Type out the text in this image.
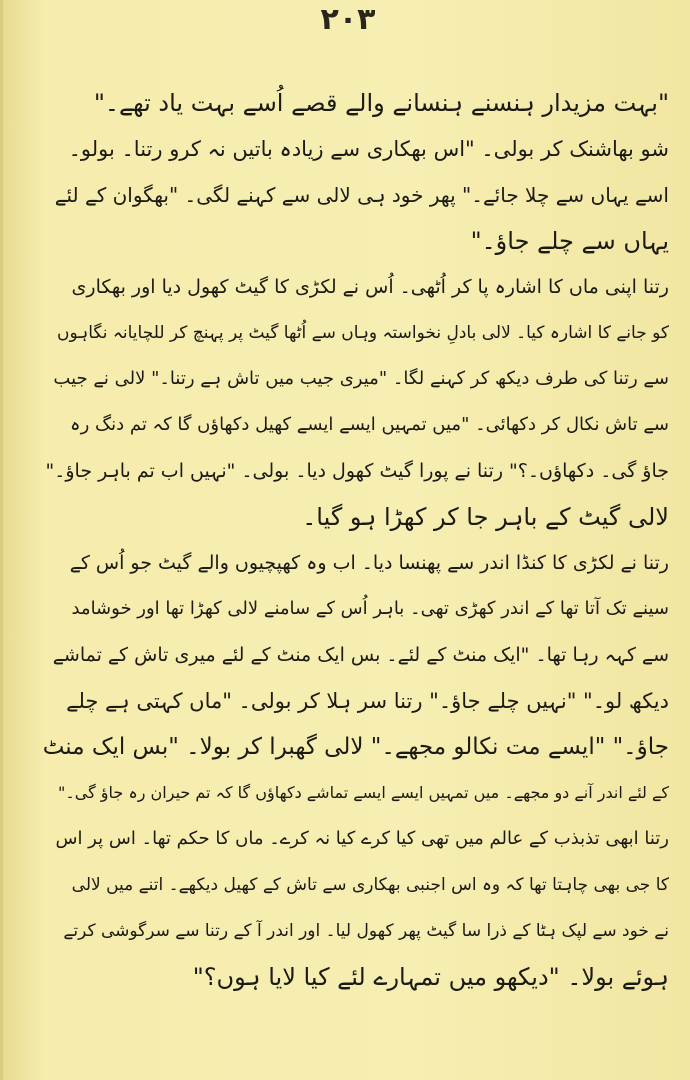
۲۰۳
"بہت مزیدار ہنسنے ہنسانے والے قصے اُسے بہت یاد تھے۔"
شو بھاشنک کر بولی۔ "اس بھکاری سے زیادہ باتیں نہ کرو رتنا۔ بولو۔
اسے یہاں سے چلا جائے۔" پھر خود ہی لالی سے کہنے لگی۔ "بھگوان کے لئے
یہاں سے چلے جاؤ۔"
رتنا اپنی ماں کا اشارہ پا کر اُٹھی۔ اُس نے لکڑی کا گیٹ کھول دیا اور بھکاری
کو جانے کا اشارہ کیا۔ لالی بادلِ نخواستہ وہاں سے اُٹھا گیٹ پر پہنچ کر للچایانہ نگاہوں
سے رتنا کی طرف دیکھ کر کہنے لگا۔ "میری جیب میں تاش ہے رتنا۔" لالی نے جیب
سے تاش نکال کر دکھائی۔ "میں تمہیں ایسے ایسے کھیل دکھاؤں گا کہ تم دنگ رہ
جاؤ گی۔ دکھاؤں۔؟" رتنا نے پورا گیٹ کھول دیا۔ بولی۔ "نہیں اب تم باہر جاؤ۔"
لالی گیٹ کے باہر جا کر کھڑا ہو گیا۔
رتنا نے لکڑی کا کنڈا اندر سے پھنسا دیا۔ اب وہ کھپچیوں والے گیٹ جو اُس کے
سینے تک آتا تھا کے اندر کھڑی تھی۔ باہر اُس کے سامنے لالی کھڑا تھا اور خوشامد
سے کہہ رہا تھا۔ "ایک منٹ کے لئے۔ بس ایک منٹ کے لئے میری تاش کے تماشے
دیکھ لو۔" "نہیں چلے جاؤ۔" رتنا سر ہلا کر بولی۔ "ماں کہتی ہے چلے
جاؤ۔" "ایسے مت نکالو مجھے۔" لالی گھبرا کر بولا۔ "بس ایک منٹ
کے لئے اندر آنے دو مجھے۔ میں تمہیں ایسے ایسے تماشے دکھاؤں گا کہ تم حیران رہ جاؤ گی۔"
رتنا ابھی تذبذب کے عالم میں تھی کیا کرے کیا نہ کرے۔ ماں کا حکم تھا۔ اس پر اس
کا جی بھی چاہتا تھا کہ وہ اس اجنبی بھکاری سے تاش کے کھیل دیکھے۔ اتنے میں لالی
نے خود سے لپک ہٹا کے ذرا سا گیٹ پھر کھول لیا۔ اور اندر آ کے رتنا سے سرگوشی کرتے
ہوئے بولا۔ "دیکھو میں تمہارے لئے کیا لایا ہوں؟"
